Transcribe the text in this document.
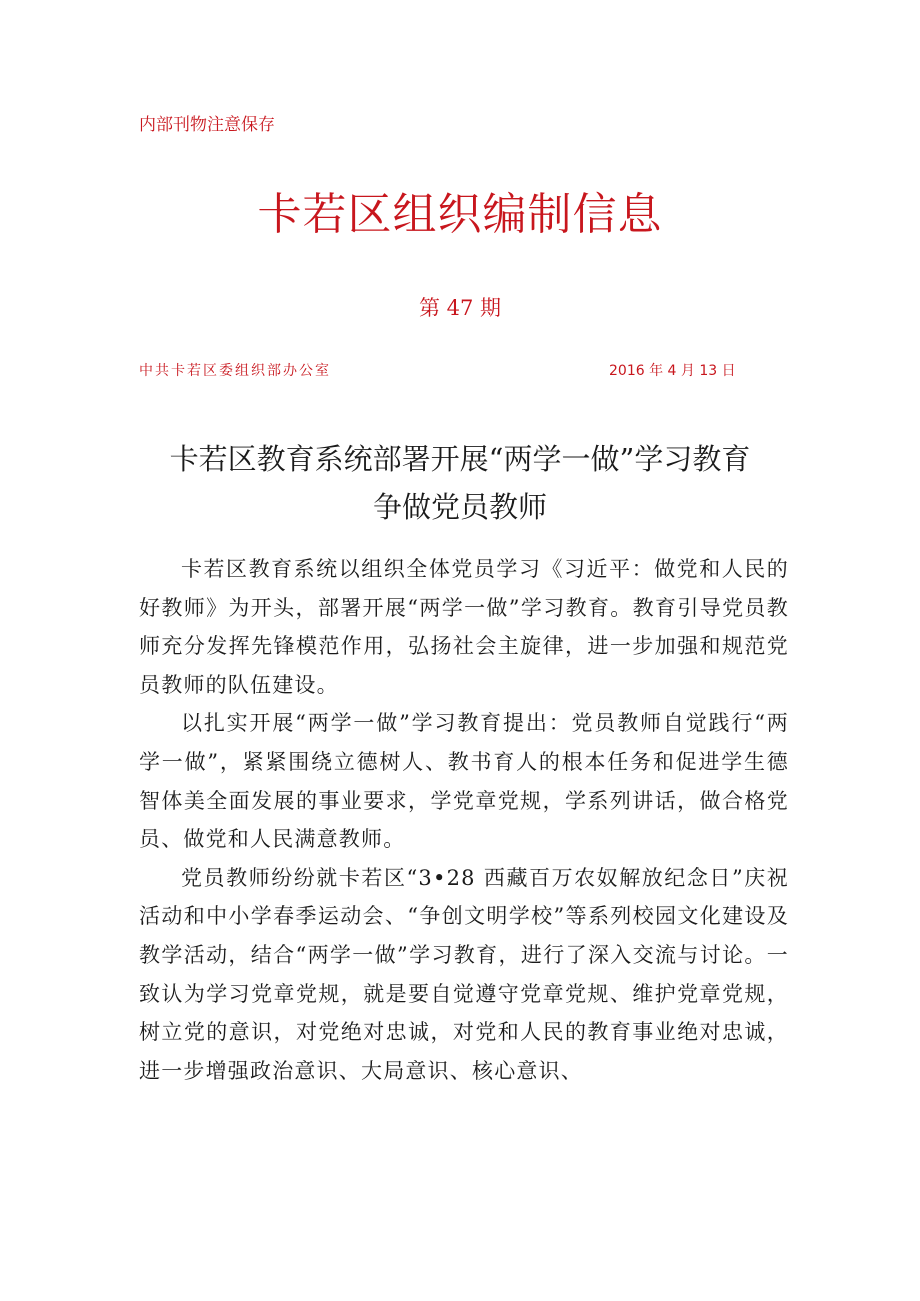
内部刊物注意保存
卡若区组织编制信息
第 47 期
中共卡若区委组织部办公室	2016 年 4 月 13 日
卡若区教育系统部署开展“两学一做”学习教育
争做党员教师

卡若区教育系统以组织全体党员学习《习近平：做党和人民的好教师》为开头，部署开展“两学一做”学习教育。教育引导党员教师充分发挥先锋模范作用，弘扬社会主旋律，进一步加强和规范党员教师的队伍建设。

以扎实开展“两学一做”学习教育提出：党员教师自觉践行“两学一做”，紧紧围绕立德树人、教书育人的根本任务和促进学生德智体美全面发展的事业要求，学党章党规，学系列讲话，做合格党员、做党和人民满意教师。

党员教师纷纷就卡若区“3•28 西藏百万农奴解放纪念日”庆祝活动和中小学春季运动会、“争创文明学校”等系列校园文化建设及教学活动，结合“两学一做”学习教育，进行了深入交流与讨论。一致认为学习党章党规，就是要自觉遵守党章党规、维护党章党规，树立党的意识，对党绝对忠诚，对党和人民的教育事业绝对忠诚，进一步增强政治意识、大局意识、核心意识、
